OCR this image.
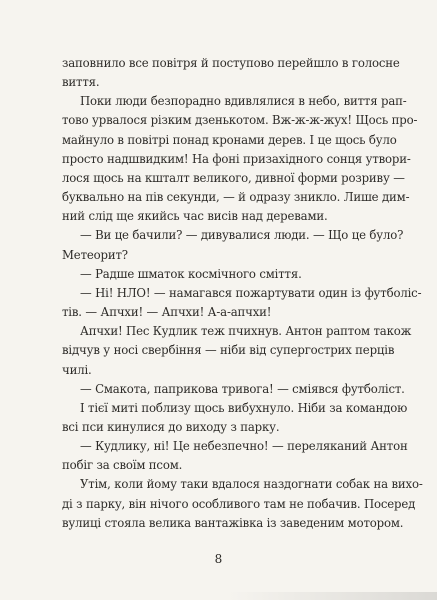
заповнило все повітря й поступово перейшло в голосне
виття.
Поки люди безпорадно вдивлялися в небо, виття рап-
тово урвалося різким дзенькотом. Вж-ж-ж-жух! Щось про-
майнуло в повітрі понад кронами дерев. І це щось було
просто надшвидким! На фоні призахідного сонця утвори-
лося щось на кшталт великого, дивної форми розриву —
буквально на пів секунди, — й одразу зникло. Лише дим-
ний слід ще якийсь час висів над деревами.
— Ви це бачили? — дивувалися люди. — Що це було?
Метеорит?
— Радше шматок космічного сміття.
— Ні! НЛО! — намагався пожартувати один із футболіс-
тів. — Апчхи! — Апчхи! А-а-апчхи!
Апчхи! Пес Кудлик теж пчихнув. Антон раптом також
відчув у носі свербіння — ніби від супергострих перців
чилі.
— Смакота, паприкова тривога! — сміявся футболіст.
І тієї миті поблизу щось вибухнуло. Ніби за командою
всі пси кинулися до виходу з парку.
— Кудлику, ні! Це небезпечно! — переляканий Антон
побіг за своїм псом.
Утім, коли йому таки вдалося наздогнати собак на вихо-
ді з парку, він нічого особливого там не побачив. Посеред
вулиці стояла велика вантажівка із заведеним мотором.
8
